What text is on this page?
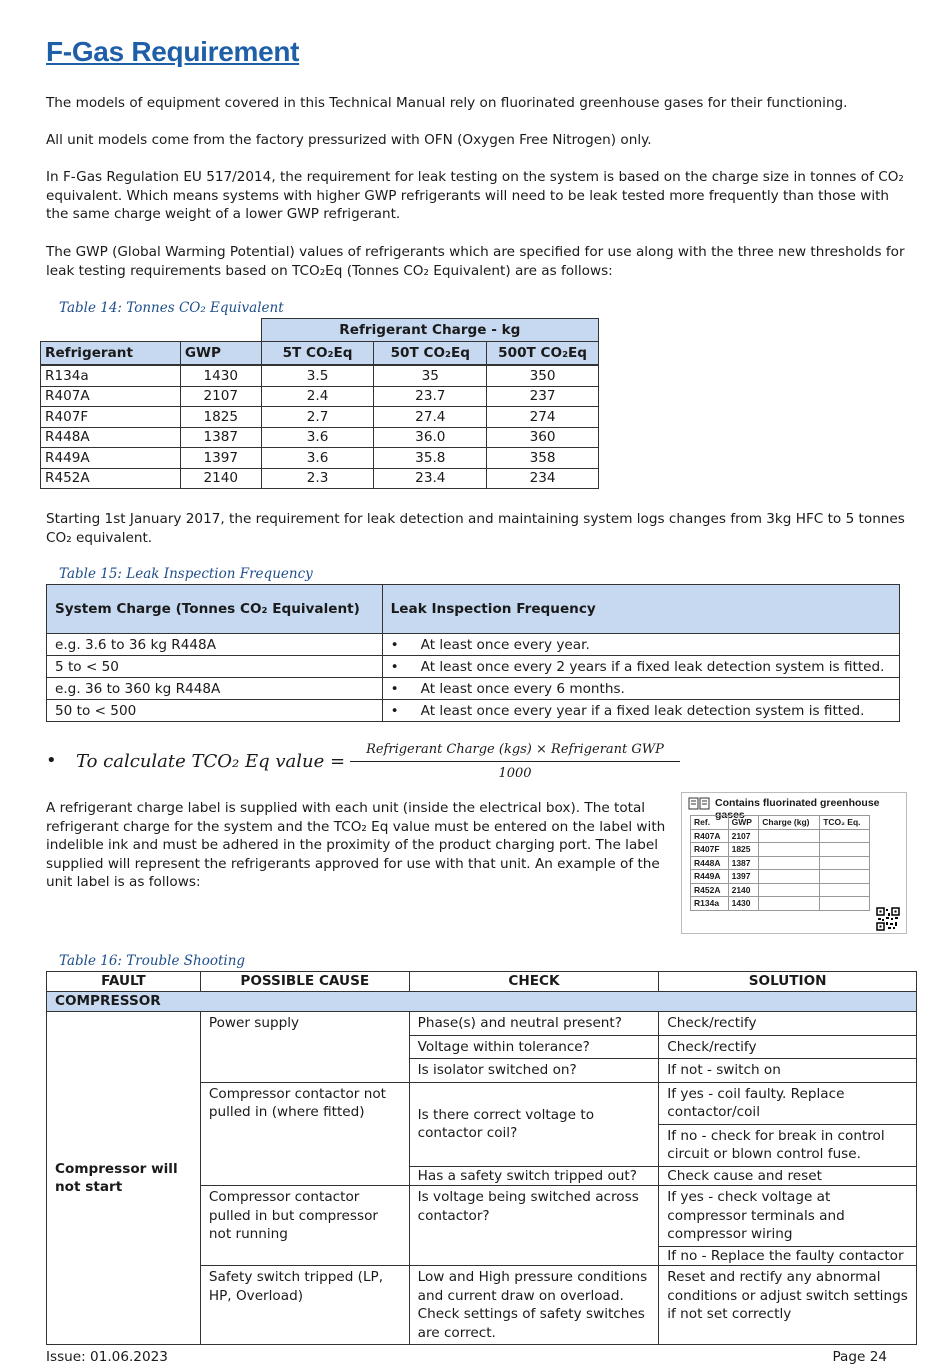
F-Gas Requirement
The models of equipment covered in this Technical Manual rely on fluorinated greenhouse gases for their functioning.
All unit models come from the factory pressurized with OFN (Oxygen Free Nitrogen) only.
In F-Gas Regulation EU 517/2014, the requirement for leak testing on the system is based on the charge size in tonnes of CO₂ equivalent. Which means systems with higher GWP refrigerants will need to be leak tested more frequently than those with the same charge weight of a lower GWP refrigerant.
The GWP (Global Warming Potential) values of refrigerants which are specified for use along with the three new thresholds for leak testing requirements based on TCO₂Eq (Tonnes CO₂ Equivalent) are as follows:
Table 14: Tonnes CO₂ Equivalent
		Refrigerant Charge - kg		
Refrigerant	GWP	5T CO₂Eq	50T CO₂Eq	500T CO₂Eq
R134a	1430	3.5	35	350
R407A	2107	2.4	23.7	237
R407F	1825	2.7	27.4	274
R448A	1387	3.6	36.0	360
R449A	1397	3.6	35.8	358
R452A	2140	2.3	23.4	234
Starting 1st January 2017, the requirement for leak detection and maintaining system logs changes from 3kg HFC to 5 tonnes CO₂ equivalent.
Table 15: Leak Inspection Frequency
System Charge (Tonnes CO₂ Equivalent)	Leak Inspection Frequency
e.g. 3.6 to 36 kg R448A	• At least once every year.
5 to < 50	• At least once every 2 years if a fixed leak detection system is fitted.
e.g. 36 to 360 kg R448A	• At least once every 6 months.
50 to < 500	• At least once every year if a fixed leak detection system is fitted.
• To calculate TCO₂ Eq value =
Refrigerant Charge (kgs) × Refrigerant GWP
1000
A refrigerant charge label is supplied with each unit (inside the electrical box). The total refrigerant charge for the system and the TCO₂ Eq value must be entered on the label with indelible ink and must be adhered in the proximity of the product charging port. The label supplied will represent the refrigerants approved for use with that unit. An example of the unit label is as follows:
Contains fluorinated greenhouse gases
Ref.	GWP	Charge (kg)	TCO₂ Eq.
R407A	2107		
R407F	1825		
R448A	1387		
R449A	1397		
R452A	2140		
R134a	1430		
Table 16: Trouble Shooting
FAULT	POSSIBLE CAUSE	CHECK	SOLUTION
COMPRESSOR			
Compressor will not start	Power supply	Phase(s) and neutral present?	Check/rectify
		Voltage within tolerance?	Check/rectify
		Is isolator switched on?	If not - switch on
	Compressor contactor not pulled in (where fitted)	Is there correct voltage to contactor coil?	If yes - coil faulty. Replace contactor/coil
			If no - check for break in control circuit or blown control fuse.
		Has a safety switch tripped out?	Check cause and reset
	Compressor contactor pulled in but compressor not running	Is voltage being switched across contactor?	If yes - check voltage at compressor terminals and compressor wiring
			If no - Replace the faulty contactor
	Safety switch tripped (LP, HP, Overload)	Low and High pressure conditions and current draw on overload. Check settings of safety switches are correct.	Reset and rectify any abnormal conditions or adjust switch settings if not set correctly
Issue: 01.06.2023	Page 24
